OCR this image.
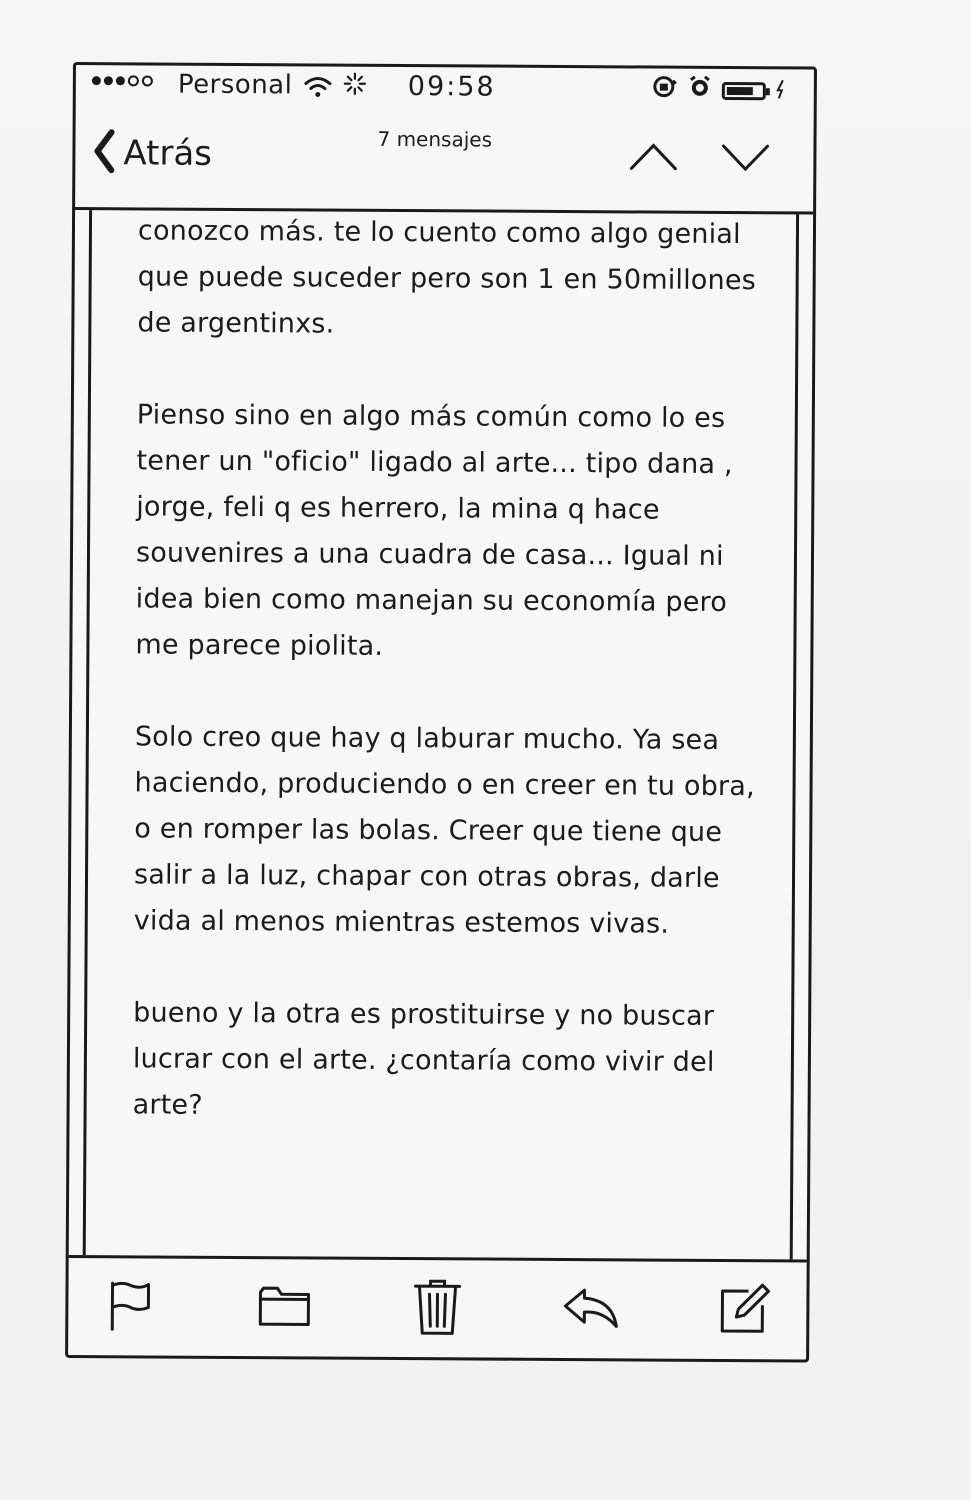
Personal	09:58
Atrás	7 mensajes

conozco más. te lo cuento como algo genial que puede suceder pero son 1 en 50millones de argentinxs.

Pienso sino en algo más común como lo es tener un "oficio" ligado al arte... tipo dana , jorge, feli q es herrero, la mina q hace souvenires a una cuadra de casa... Igual ni idea bien como manejan su economía pero me parece piolita.

Solo creo que hay q laburar mucho. Ya sea haciendo, produciendo o en creer en tu obra, o en romper las bolas. Creer que tiene que salir a la luz, chapar con otras obras, darle vida al menos mientras estemos vivas.

bueno y la otra es prostituirse y no buscar lucrar con el arte. ¿contaría como vivir del arte?
